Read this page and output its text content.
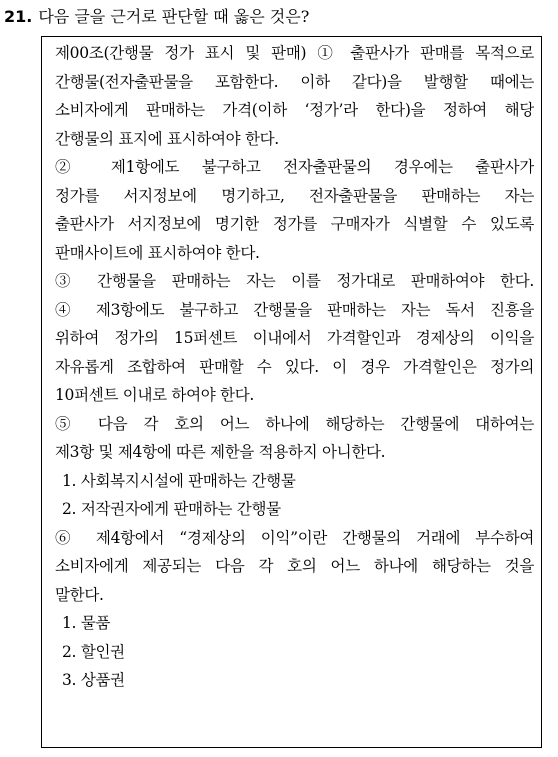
21. 다음 글을 근거로 판단할 때 옳은 것은?
제00조(간행물 정가 표시 및 판매) ① 출판사가 판매를 목적으로
간행물(전자출판물을 포함한다. 이하 같다)을 발행할 때에는
소비자에게 판매하는 가격(이하 ‘정가’라 한다)을 정하여 해당
간행물의 표지에 표시하여야 한다.
② 제1항에도 불구하고 전자출판물의 경우에는 출판사가
정가를 서지정보에 명기하고, 전자출판물을 판매하는 자는
출판사가 서지정보에 명기한 정가를 구매자가 식별할 수 있도록
판매사이트에 표시하여야 한다.
③ 간행물을 판매하는 자는 이를 정가대로 판매하여야 한다.
④ 제3항에도 불구하고 간행물을 판매하는 자는 독서 진흥을
위하여 정가의 15퍼센트 이내에서 가격할인과 경제상의 이익을
자유롭게 조합하여 판매할 수 있다. 이 경우 가격할인은 정가의
10퍼센트 이내로 하여야 한다.
⑤ 다음 각 호의 어느 하나에 해당하는 간행물에 대하여는
제3항 및 제4항에 따른 제한을 적용하지 아니한다.
1. 사회복지시설에 판매하는 간행물
2. 저작권자에게 판매하는 간행물
⑥ 제4항에서 “경제상의 이익”이란 간행물의 거래에 부수하여
소비자에게 제공되는 다음 각 호의 어느 하나에 해당하는 것을
말한다.
1. 물품
2. 할인권
3. 상품권
